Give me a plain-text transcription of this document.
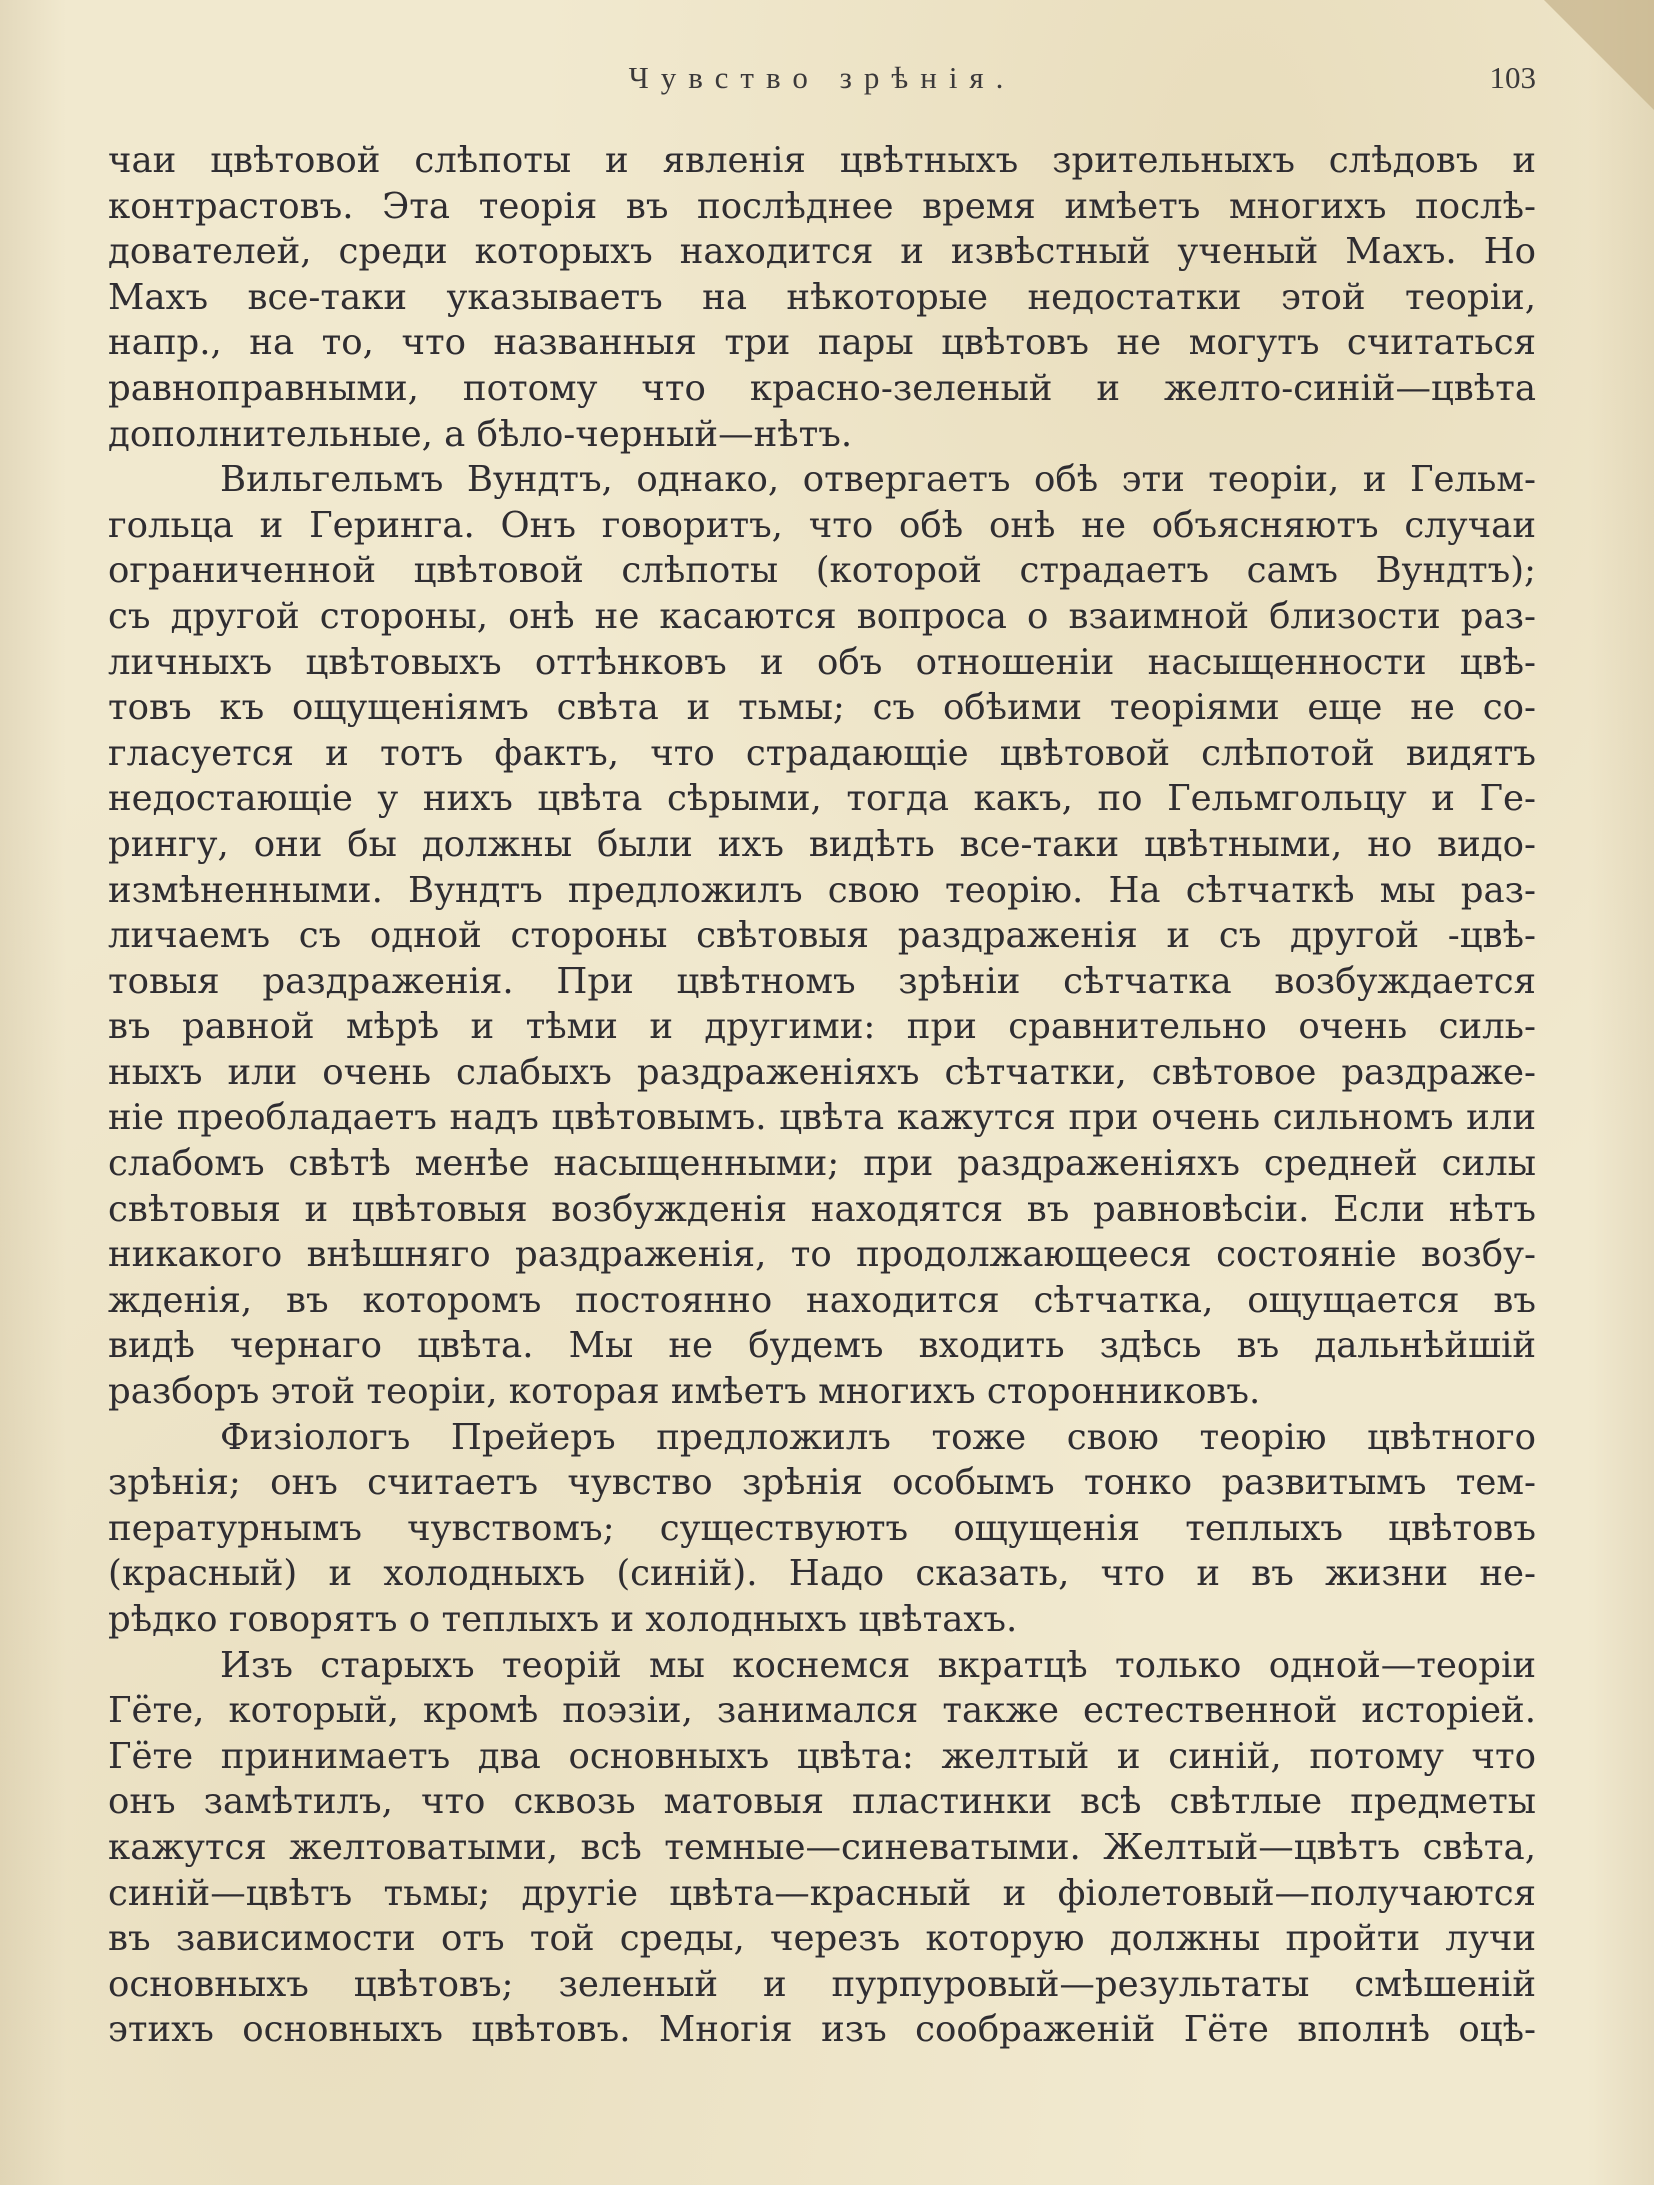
Чувство зрѣнія.	103
чаи цвѣтовой слѣпоты и явленія цвѣтныхъ зрительныхъ слѣдовъ и
контрастовъ. Эта теорія въ послѣднее время имѣетъ многихъ послѣ-
дователей, среди которыхъ находится и извѣстный ученый Махъ. Но
Махъ все-таки указываетъ на нѣкоторые недостатки этой теоріи,
напр., на то, что названныя три пары цвѣтовъ не могутъ считаться
равноправными, потому что красно-зеленый и желто-синій—цвѣта
дополнительные, а бѣло-черный—нѣтъ.
Вильгельмъ Вундтъ, однако, отвергаетъ обѣ эти теоріи, и Гельм-
гольца и Геринга. Онъ говоритъ, что обѣ онѣ не объясняютъ случаи
ограниченной цвѣтовой слѣпоты (которой страдаетъ самъ Вундтъ);
съ другой стороны, онѣ не касаются вопроса о взаимной близости раз-
личныхъ цвѣтовыхъ оттѣнковъ и объ отношеніи насыщенности цвѣ-
товъ къ ощущеніямъ свѣта и тьмы; съ обѣими теоріями еще не со-
гласуется и тотъ фактъ, что страдающіе цвѣтовой слѣпотой видятъ
недостающіе у нихъ цвѣта сѣрыми, тогда какъ, по Гельмгольцу и Ге-
рингу, они бы должны были ихъ видѣть все-таки цвѣтными, но видо-
измѣненными. Вундтъ предложилъ свою теорію. На сѣтчаткѣ мы раз-
личаемъ съ одной стороны свѣтовыя раздраженія и съ другой -цвѣ-
товыя раздраженія. При цвѣтномъ зрѣніи сѣтчатка возбуждается
въ равной мѣрѣ и тѣми и другими: при сравнительно очень силь-
ныхъ или очень слабыхъ раздраженіяхъ сѣтчатки, свѣтовое раздраже-
ніе преобладаетъ надъ цвѣтовымъ. цвѣта кажутся при очень сильномъ или
слабомъ свѣтѣ менѣе насыщенными; при раздраженіяхъ средней силы
свѣтовыя и цвѣтовыя возбужденія находятся въ равновѣсіи. Если нѣтъ
никакого внѣшняго раздраженія, то продолжающееся состояніе возбу-
жденія, въ которомъ постоянно находится сѣтчатка, ощущается въ
видѣ чернаго цвѣта. Мы не будемъ входить здѣсь въ дальнѣйшій
разборъ этой теоріи, которая имѣетъ многихъ сторонниковъ.
Физіологъ Прейеръ предложилъ тоже свою теорію цвѣтного
зрѣнія; онъ считаетъ чувство зрѣнія особымъ тонко развитымъ тем-
пературнымъ чувствомъ; существуютъ ощущенія теплыхъ цвѣтовъ
(красный) и холодныхъ (синій). Надо сказать, что и въ жизни не-
рѣдко говорятъ о теплыхъ и холодныхъ цвѣтахъ.
Изъ старыхъ теорій мы коснемся вкратцѣ только одной—теоріи
Гёте, который, кромѣ поэзіи, занимался также естественной исторіей.
Гёте принимаетъ два основныхъ цвѣта: желтый и синій, потому что
онъ замѣтилъ, что сквозь матовыя пластинки всѣ свѣтлые предметы
кажутся желтоватыми, всѣ темные—синеватыми. Желтый—цвѣтъ свѣта,
синій—цвѣтъ тьмы; другіе цвѣта—красный и фіолетовый—получаются
въ зависимости отъ той среды, черезъ которую должны пройти лучи
основныхъ цвѣтовъ; зеленый и пурпуровый—результаты смѣшеній
этихъ основныхъ цвѣтовъ. Многія изъ соображеній Гёте вполнѣ оцѣ-
